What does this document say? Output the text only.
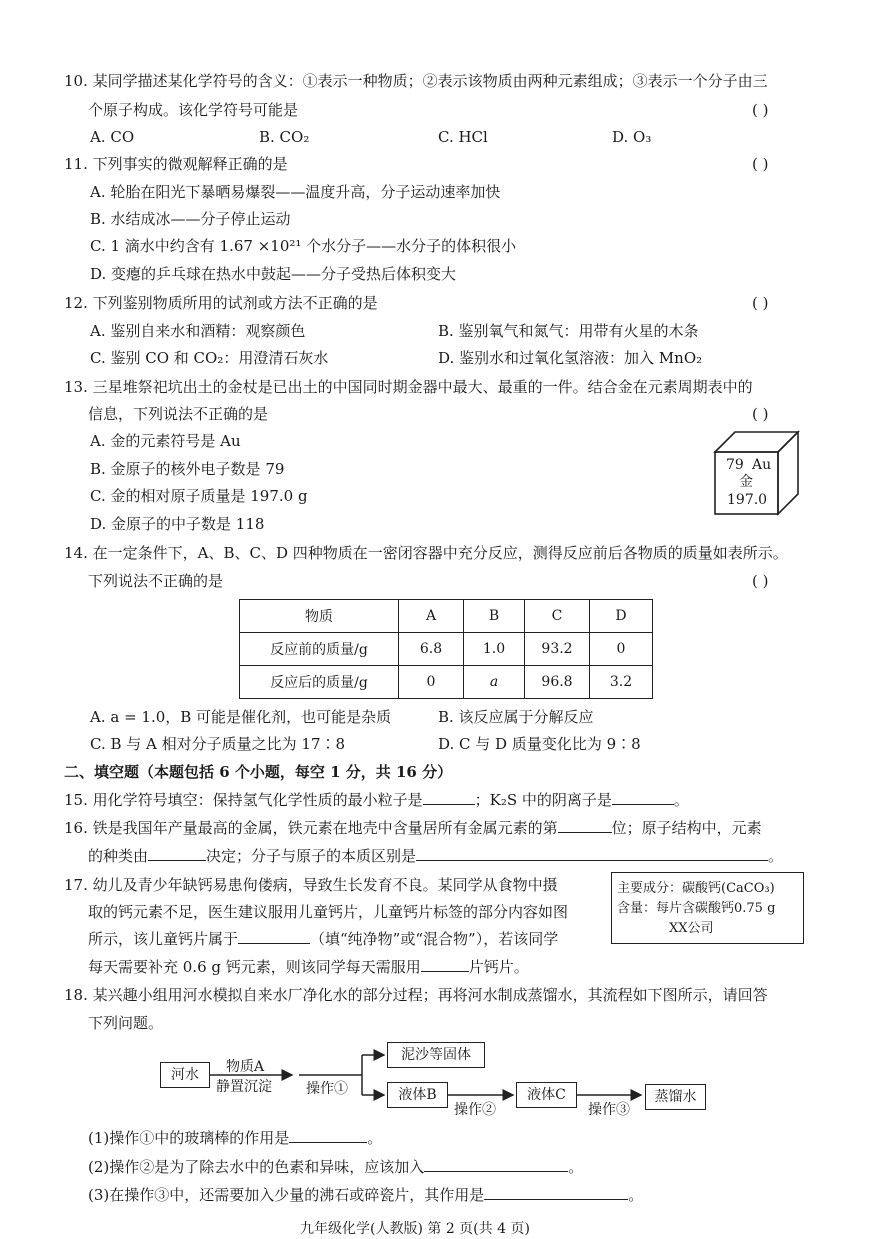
10. 某同学描述某化学符号的含义：①表示一种物质；②表示该物质由两种元素组成；③表示一个分子由三
个原子构成。该化学符号可能是	( )
A. CO	B. CO₂	C. HCl	D. O₃
11. 下列事实的微观解释正确的是	( )
A. 轮胎在阳光下暴晒易爆裂——温度升高，分子运动速率加快
B. 水结成冰——分子停止运动
C. 1 滴水中约含有 1.67 ×10²¹ 个水分子——水分子的体积很小
D. 变瘪的乒乓球在热水中鼓起——分子受热后体积变大
12. 下列鉴别物质所用的试剂或方法不正确的是	( )
A. 鉴别自来水和酒精：观察颜色	B. 鉴别氧气和氮气：用带有火星的木条
C. 鉴别 CO 和 CO₂：用澄清石灰水	D. 鉴别水和过氧化氢溶液：加入 MnO₂
13. 三星堆祭祀坑出土的金杖是已出土的中国同时期金器中最大、最重的一件。结合金在元素周期表中的
信息，下列说法不正确的是	( )
A. 金的元素符号是 Au
B. 金原子的核外电子数是 79
C. 金的相对原子质量是 197.0 g
D. 金原子的中子数是 118
79 Au
金
197.0
14. 在一定条件下，A、B、C、D 四种物质在一密闭容器中充分反应，测得反应前后各物质的质量如表所示。
下列说法不正确的是	( )
物质	A	B	C	D
反应前的质量/g	6.8	1.0	93.2	0
反应后的质量/g	0	a	96.8	3.2
A. a = 1.0，B 可能是催化剂，也可能是杂质	B. 该反应属于分解反应
C. B 与 A 相对分子质量之比为 17∶8	D. C 与 D 质量变化比为 9∶8
二、填空题（本题包括 6 个小题，每空 1 分，共 16 分）
15. 用化学符号填空：保持氢气化学性质的最小粒子是	；K₂S 中的阴离子是	。
16. 铁是我国年产量最高的金属，铁元素在地壳中含量居所有金属元素的第	位；原子结构中，元素
的种类由	决定；分子与原子的本质区别是	。
17. 幼儿及青少年缺钙易患佝偻病，导致生长发育不良。某同学从食物中摄
取的钙元素不足，医生建议服用儿童钙片，儿童钙片标签的部分内容如图
所示，该儿童钙片属于	（填“纯净物”或“混合物”），若该同学
每天需要补充 0.6 g 钙元素，则该同学每天需服用	片钙片。
主要成分：碳酸钙(CaCO₃)
含量：每片含碳酸钙0.75 g
XX公司
18. 某兴趣小组用河水模拟自来水厂净化水的部分过程；再将河水制成蒸馏水，其流程如下图所示，请回答
下列问题。
河水	物质A
静置沉淀 操作①
泥沙等固体
液体B
操作②
液体C
操作③
蒸馏水
(1)操作①中的玻璃棒的作用是	。
(2)操作②是为了除去水中的色素和异味，应该加入	。
(3)在操作③中，还需要加入少量的沸石或碎瓷片，其作用是	。
九年级化学(人教版) 第 2 页(共 4 页)
